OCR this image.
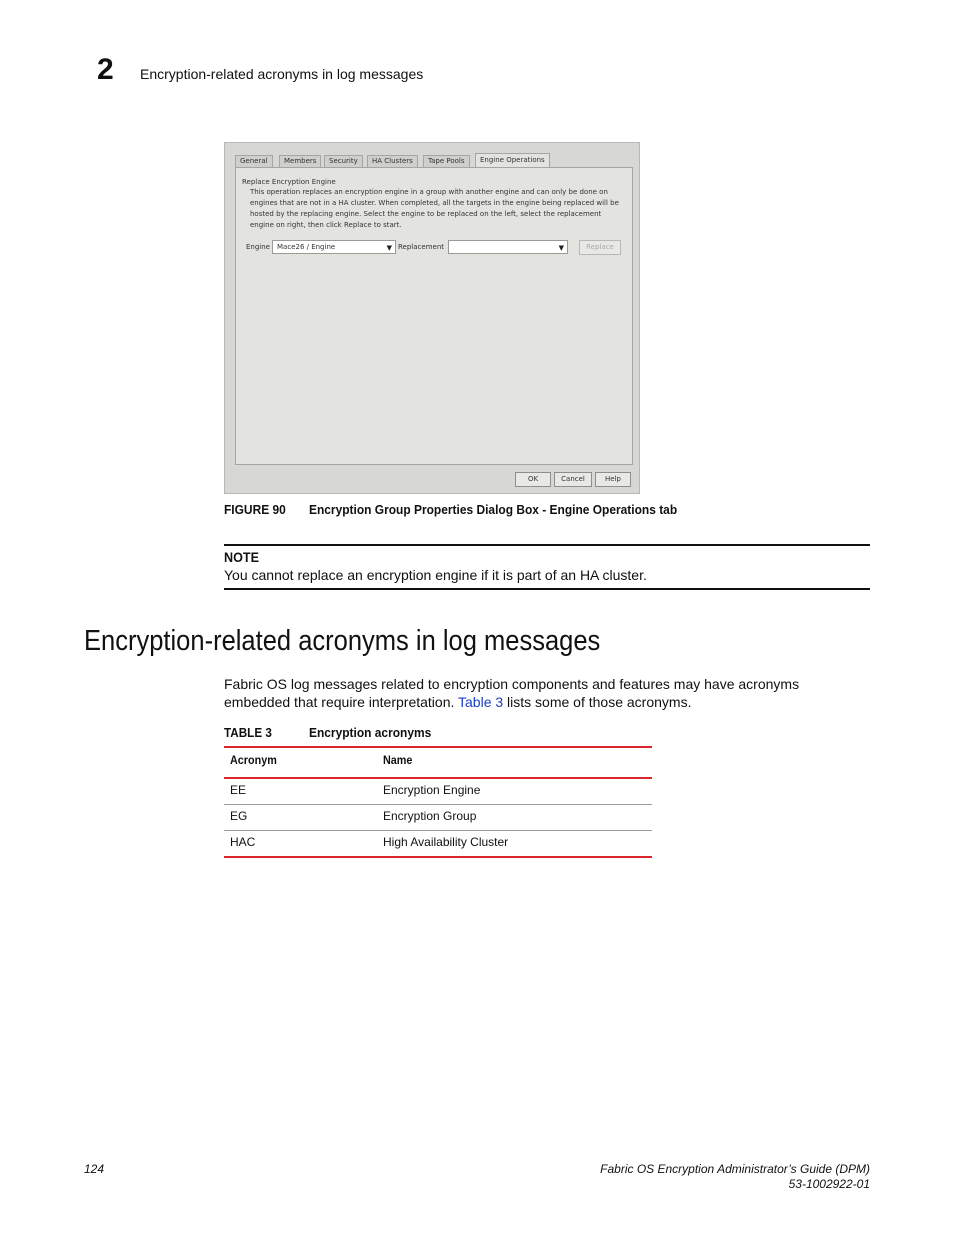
2 Encryption-related acronyms in log messages
General	Members	Security	HA Clusters	Tape Pools	Engine Operations
Replace Encryption Engine
This operation replaces an encryption engine in a group with another engine and can only be done on engines that are not in a HA cluster. When completed, all the targets in the engine being replaced will be hosted by the replacing engine. Select the engine to be replaced on the left, select the replacement engine on right, then click Replace to start.
Engine	Mace26 / Engine	▼ Replacement	▼	Replace
OK	Cancel	Help
FIGURE 90 Encryption Group Properties Dialog Box - Engine Operations tab
NOTE
You cannot replace an encryption engine if it is part of an HA cluster.
Encryption-related acronyms in log messages
Fabric OS log messages related to encryption components and features may have acronyms embedded that require interpretation. Table 3 lists some of those acronyms.
TABLE 3	Encryption acronyms
Acronym	Name
EE	Encryption Engine
EG	Encryption Group
HAC	High Availability Cluster
124	Fabric OS Encryption Administrator’s Guide (DPM)
53-1002922-01
